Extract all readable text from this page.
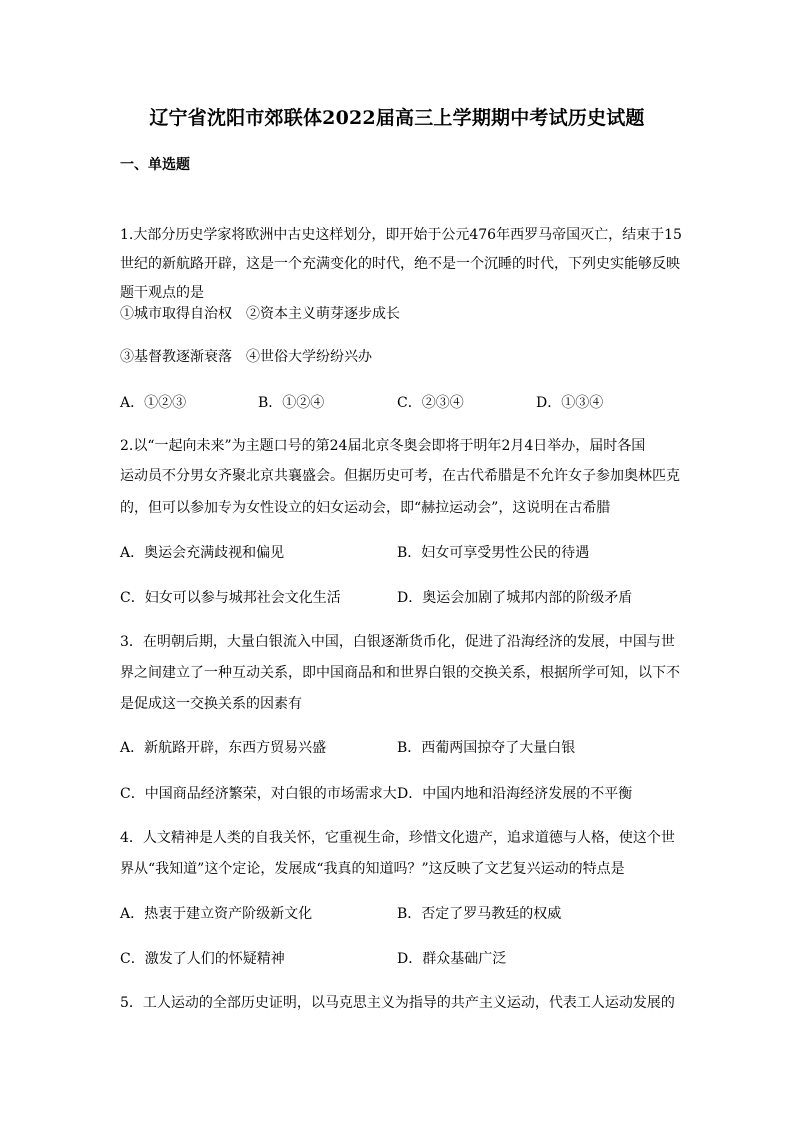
辽宁省沈阳市郊联体2022届高三上学期期中考试历史试题
一、单选题
1.大部分历史学家将欧洲中古史这样划分，即开始于公元476年西罗马帝国灭亡，结束于15
世纪的新航路开辟，这是一个充满变化的时代，绝不是一个沉睡的时代，下列史实能够反映
题干观点的是
①城市取得自治权　②资本主义萌芽逐步成长
③基督教逐渐衰落　④世俗大学纷纷兴办
A．①②③	B．①②④	C．②③④	D．①③④
2.以“一起向未来”为主题口号的第24届北京冬奥会即将于明年2月4日举办，届时各国
运动员不分男女齐聚北京共襄盛会。但据历史可考，在古代希腊是不允许女子参加奥林匹克
的，但可以参加专为女性设立的妇女运动会，即“赫拉运动会”，这说明在古希腊
A．奥运会充满歧视和偏见	B．妇女可享受男性公民的待遇
C．妇女可以参与城邦社会文化生活	D．奥运会加剧了城邦内部的阶级矛盾
3．在明朝后期，大量白银流入中国，白银逐渐货币化，促进了沿海经济的发展，中国与世
界之间建立了一种互动关系，即中国商品和和世界白银的交换关系，根据所学可知，以下不
是促成这一交换关系的因素有
A．新航路开辟，东西方贸易兴盛	B．西葡两国掠夺了大量白银
C．中国商品经济繁荣，对白银的市场需求大 D．中国内地和沿海经济发展的不平衡
4．人文精神是人类的自我关怀，它重视生命，珍惜文化遗产，追求道德与人格，使这个世
界从“我知道”这个定论，发展成“我真的知道吗？”这反映了文艺复兴运动的特点是
A．热衷于建立资产阶级新文化	B．否定了罗马教廷的权威
C．激发了人们的怀疑精神	D．群众基础广泛
5．工人运动的全部历史证明，以马克思主义为指导的共产主义运动，代表工人运动发展的
